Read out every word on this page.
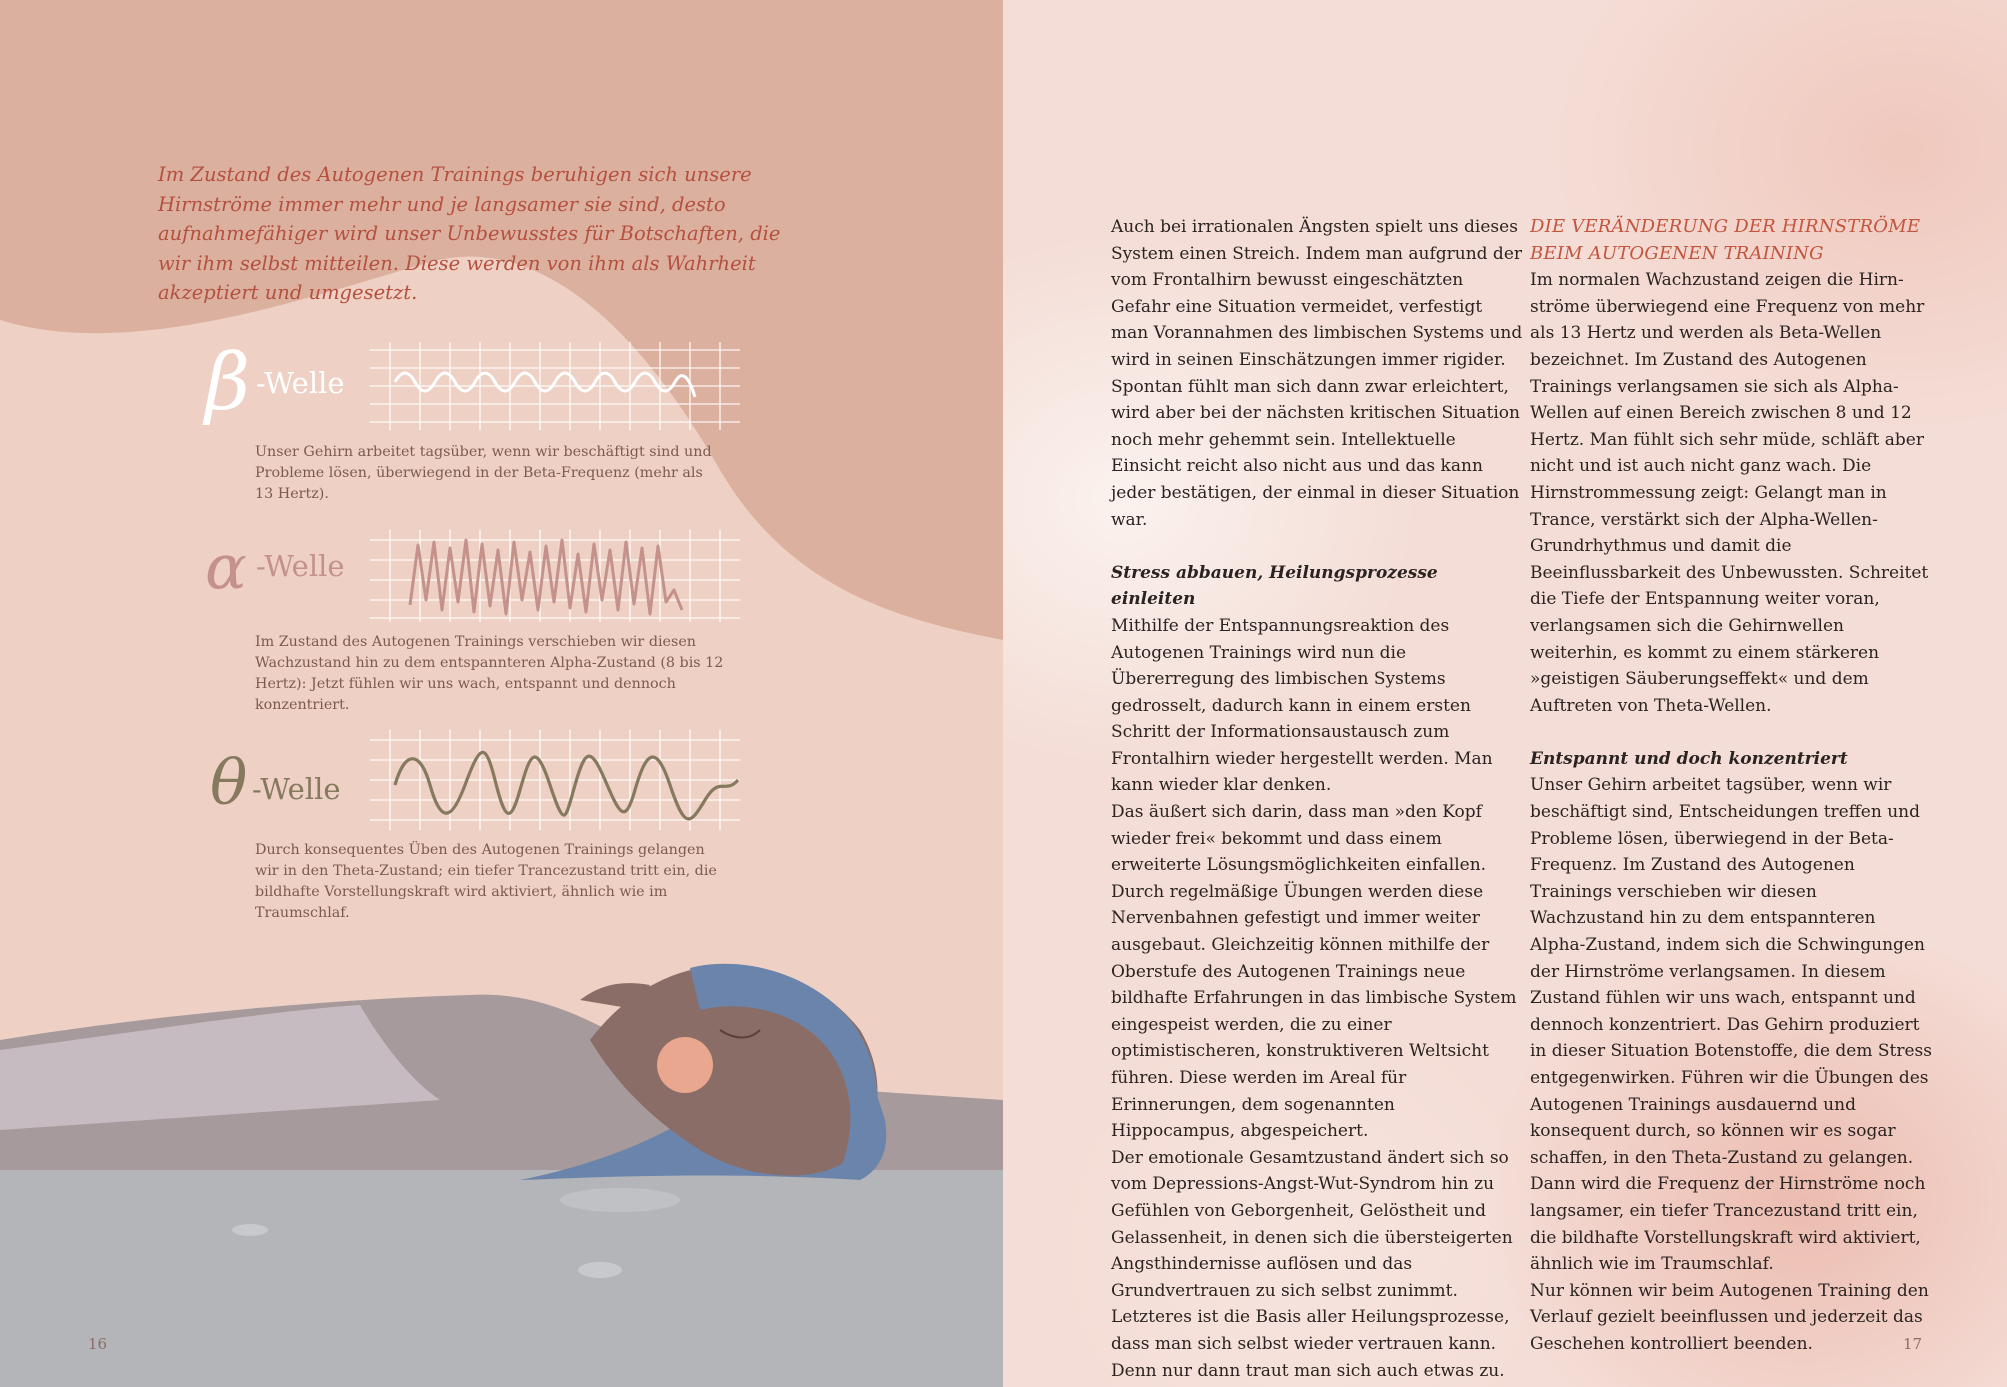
Im Zustand des Autogenen Trainings beruhigen sich unsere Hirnströme immer mehr und je langsamer sie sind, desto aufnahmefähiger wird unser Unbewusstes für Botschaften, die wir ihm selbst mitteilen. Diese werden von ihm als Wahrheit akzeptiert und umgesetzt.

β -Welle

Unser Gehirn arbeitet tagsüber, wenn wir beschäftigt sind und Probleme lösen, überwiegend in der Beta-Frequenz (mehr als 13 Hertz).

α -Welle

Im Zustand des Autogenen Trainings verschieben wir diesen Wachzustand hin zu dem entspannteren Alpha-Zustand (8 bis 12 Hertz): Jetzt fühlen wir uns wach, entspannt und dennoch konzentriert.

θ -Welle

Durch konsequentes Üben des Autogenen Trainings gelangen wir in den Theta-Zustand; ein tiefer Trancezustand tritt ein, die bildhafte Vorstellungskraft wird aktiviert, ähnlich wie im Traumschlaf.

16

Auch bei irrationalen Ängsten spielt uns dieses System einen Streich. Indem man aufgrund der vom Frontalhirn bewusst eingeschätzten Gefahr eine Situation vermeidet, verfestigt man Vorannahmen des limbischen Systems und wird in seinen Einschätzungen immer rigider. Spontan fühlt man sich dann zwar erleichtert, wird aber bei der nächsten kritischen Situation noch mehr gehemmt sein. Intellektuelle Einsicht reicht also nicht aus und das kann jeder bestätigen, der einmal in dieser Situation war.

Stress abbauen, Heilungsprozesse einleiten

Mithilfe der Entspannungsreaktion des Autogenen Trainings wird nun die Übererregung des limbischen Systems gedrosselt, dadurch kann in einem ersten Schritt der Informationsaustausch zum Frontalhirn wieder hergestellt werden. Man kann wieder klar denken.

Das äußert sich darin, dass man »den Kopf wieder frei« bekommt und dass einem erweiterte Lösungsmöglichkeiten einfallen.

Durch regelmäßige Übungen werden diese Nervenbahnen gefestigt und immer weiter ausgebaut. Gleichzeitig können mithilfe der Oberstufe des Autogenen Trainings neue bildhafte Erfahrungen in das limbische System eingespeist werden, die zu einer optimistischeren, konstruktiveren Weltsicht führen. Diese werden im Areal für Erinnerungen, dem sogenannten Hippocampus, abgespeichert.

Der emotionale Gesamtzustand ändert sich so vom Depressions-Angst-Wut-Syndrom hin zu Gefühlen von Geborgenheit, Gelöstheit und Gelassenheit, in denen sich die übersteigerten Angsthindernisse auflösen und das Grundvertrauen zu sich selbst zunimmt. Letzteres ist die Basis aller Heilungsprozesse, dass man sich selbst wieder vertrauen kann. Denn nur dann traut man sich auch etwas zu.

DIE VERÄNDERUNG DER HIRNSTRÖME BEIM AUTOGENEN TRAINING

Im normalen Wachzustand zeigen die Hirnströme überwiegend eine Frequenz von mehr als 13 Hertz und werden als Beta-Wellen bezeichnet. Im Zustand des Autogenen Trainings verlangsamen sie sich als Alpha-Wellen auf einen Bereich zwischen 8 und 12 Hertz. Man fühlt sich sehr müde, schläft aber nicht und ist auch nicht ganz wach. Die Hirnstrommessung zeigt: Gelangt man in Trance, verstärkt sich der Alpha-Wellen-Grundrhythmus und damit die Beeinflussbarkeit des Unbewussten. Schreitet die Tiefe der Entspannung weiter voran, verlangsamen sich die Gehirnwellen weiterhin, es kommt zu einem stärkeren »geistigen Säuberungseffekt« und dem Auftreten von Theta-Wellen.

Entspannt und doch konzentriert

Unser Gehirn arbeitet tagsüber, wenn wir beschäftigt sind, Entscheidungen treffen und Probleme lösen, überwiegend in der Beta-Frequenz. Im Zustand des Autogenen Trainings verschieben wir diesen Wachzustand hin zu dem entspannteren Alpha-Zustand, indem sich die Schwingungen der Hirnströme verlangsamen. In diesem Zustand fühlen wir uns wach, entspannt und dennoch konzentriert. Das Gehirn produziert in dieser Situation Botenstoffe, die dem Stress entgegenwirken. Führen wir die Übungen des Autogenen Trainings ausdauernd und konsequent durch, so können wir es sogar schaffen, in den Theta-Zustand zu gelangen. Dann wird die Frequenz der Hirnströme noch langsamer, ein tiefer Trancezustand tritt ein, die bildhafte Vorstellungskraft wird aktiviert, ähnlich wie im Traumschlaf.

Nur können wir beim Autogenen Training den Verlauf gezielt beeinflussen und jederzeit das Geschehen kontrolliert beenden.	17
